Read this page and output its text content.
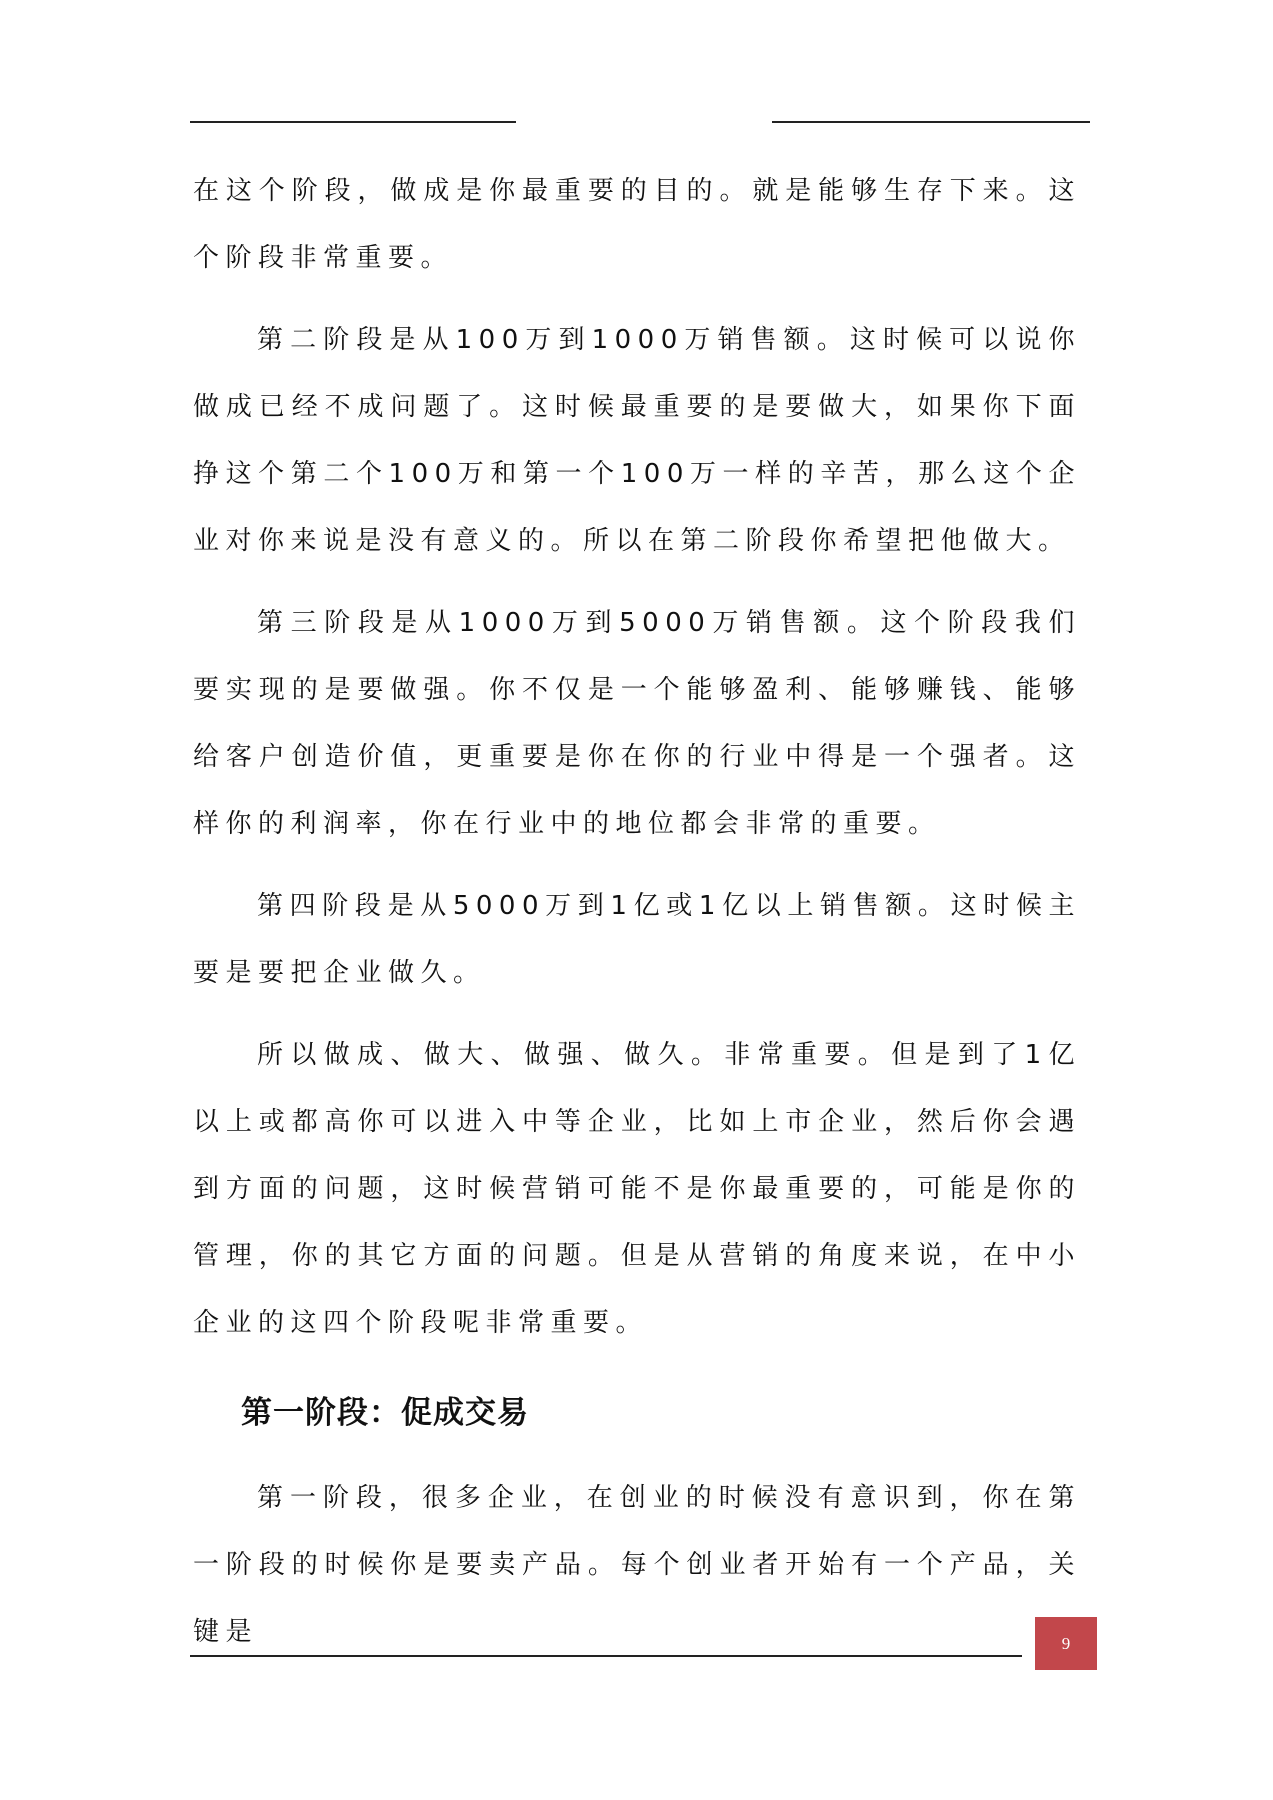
在这个阶段，做成是你最重要的目的。就是能够生存下来。这个阶段非常重要。

第二阶段是从100万到1000万销售额。这时候可以说你做成已经不成问题了。这时候最重要的是要做大，如果你下面挣这个第二个100万和第一个100万一样的辛苦，那么这个企业对你来说是没有意义的。所以在第二阶段你希望把他做大。

第三阶段是从1000万到5000万销售额。这个阶段我们要实现的是要做强。你不仅是一个能够盈利、能够赚钱、能够给客户创造价值，更重要是你在你的行业中得是一个强者。这样你的利润率，你在行业中的地位都会非常的重要。

第四阶段是从5000万到1亿或1亿以上销售额。这时候主要是要把企业做久。

所以做成、做大、做强、做久。非常重要。但是到了1亿以上或都高你可以进入中等企业，比如上市企业，然后你会遇到方面的问题，这时候营销可能不是你最重要的，可能是你的管理，你的其它方面的问题。但是从营销的角度来说，在中小企业的这四个阶段呢非常重要。

第一阶段：促成交易

第一阶段，很多企业，在创业的时候没有意识到，你在第一阶段的时候你是要卖产品。每个创业者开始有一个产品，关键是	9
